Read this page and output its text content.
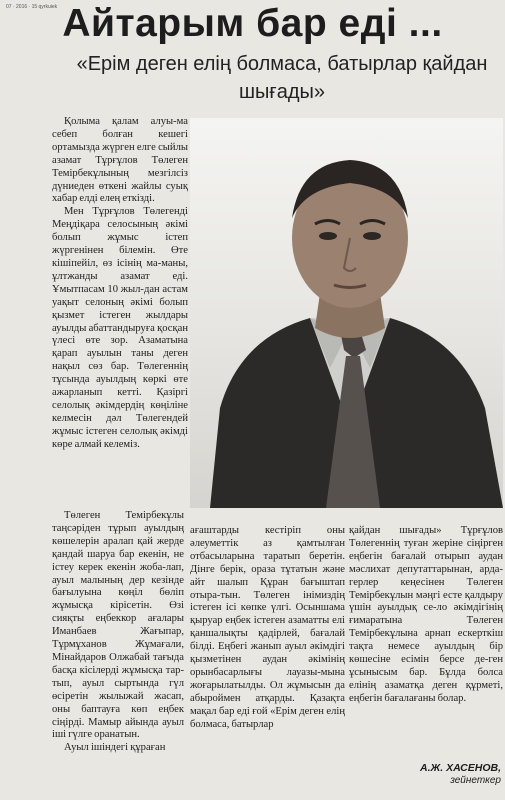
07 · 2016 · 15 qyrkuiek Айтарым бар еді ...
«Ерім деген елің болмаса, батырлар қайдан шығады»

Қолыма қалам алуы-ма себеп болған кешегі ортамызда жүрген елге сыйлы азамат Тұрғұлов Төлеген Темірбекұлының мезгілсіз дүниеден өткені жайлы суық хабар елді елең еткізді.

Мен Тұрғұлов Төлегенді Меңдіқара селосының әкімі болып жұмыс істеп жүргенінен білемін. Өте кішіпейіл, өз ісінің ма-маны, ұлтжанды азамат еді. Ұмытпасам 10 жыл-дан астам уақыт селоның әкімі болып қызмет істеген жылдары ауылды абаттандыруға қосқан үлесі өте зор. Азаматына қарап ауылын таны деген нақыл сөз бар. Төлегеннің тұсында ауылдың көркі өте ажарланып кетті. Қазіргі селолық әкімдердің көңіліне келмесін дәл Төлегендей жұмыс істеген селолық әкімді көре алмай келеміз.

Төлеген Темірбекұлы таңсәріден тұрып ауылдың көшелерін аралап қай жерде қандай шаруа бар екенін, не істеу керек екенін жоба-лап, ауыл малының дер кезінде бағылуына көңіл бөліп жұмысқа кірісетін. Өзі сияқты еңбеккор ағалары Иманбаев Жағыпар, Тұрмұханов Жұмағали, Мінайдаров Олжабай тағыда басқа кісілерді жұмысқа тар-тып, ауыл сыртында гүл өсіретін жылыжай жасап, оны баптауға көп еңбек сіңірді. Мамыр айында ауыл іші гүлге оранатын.

Ауыл ішіндегі құраған

ағаштарды кестіріп оны әлеуметтік аз қамтылған отбасыларына таратып беретін. Дінге берік, ораза тұтатын және айт шалып Құран бағыштап отыра-тын. Төлеген інімиздің істеген ісі көпке үлгі. Осыншама қыруар еңбек істеген азаматты елі қаншалықты қадірлей, бағалай білді. Еңбегі жанып ауыл әкімдігі қызметінен аудан әкімінің орынбасарлығы лауазы-мына жоғарылатылды. Ол жұмысын да абыроймен атқарды. Қазақта мақал бар еді ғой «Ерім деген елің болмаса, батырлар

қайдан шығады» Тұрғұлов Төлегеннің туған жеріне сіңірген еңбегін бағалай отырып аудан мәслихат депутаттарынан, арда-герлер кеңесінен Төлеген Темірбекұлын мәңгі есте қалдыру үшін ауылдық се-ло әкімдігінің ғимаратына Төлеген Темірбекұлына арнап ескерткіш тақта немесе ауылдың бір көшесіне есімін берсе де-ген ұсынысым бар. Бұлда болса елінің азаматқа деген құрметі, еңбегін бағалағаны болар.

А.Ж. ХАСЕНОВ,
зейнеткер
